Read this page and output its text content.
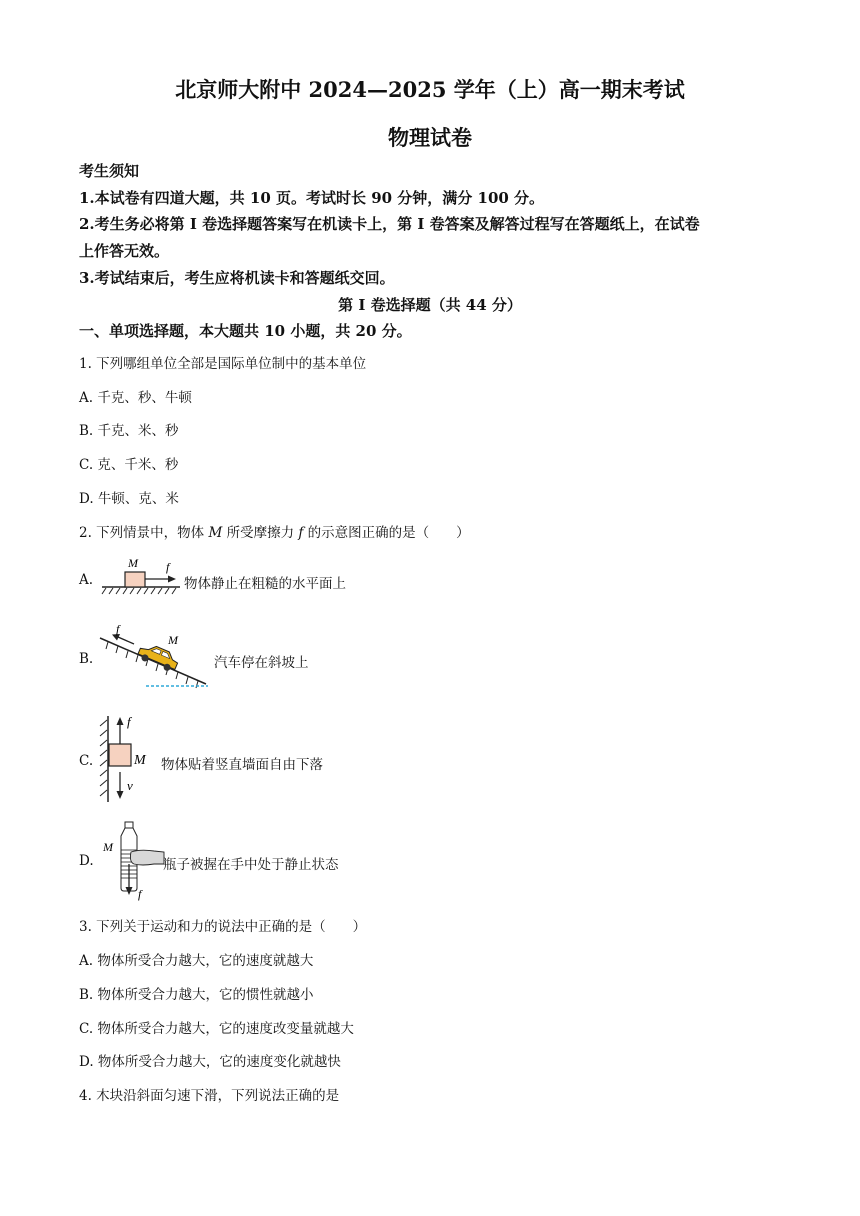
北京师大附中 2024—2025 学年（上）高一期末考试
物理试卷
考生须知
1.本试卷有四道大题，共 10 页。考试时长 90 分钟，满分 100 分。
2.考生务必将第 I 卷选择题答案写在机读卡上，第 I 卷答案及解答过程写在答题纸上，在试卷
上作答无效。
3.考试结束后，考生应将机读卡和答题纸交回。
第 I 卷选择题（共 44 分）
一、单项选择题，本大题共 10 小题，共 20 分。
1. 下列哪组单位全部是国际单位制中的基本单位
A. 千克、秒、牛顿
B. 千克、米、秒
C. 克、千米、秒
D. 牛顿、克、米
2. 下列情景中，物体 M 所受摩擦力 f 的示意图正确的是（　　）
A.
M f
物体静止在粗糙的水平面上
B.
f
M
汽车停在斜坡上
C.
f
M
v
物体贴着竖直墙面自由下落
D.
M
f
瓶子被握在手中处于静止状态
3. 下列关于运动和力的说法中正确的是（　　）
A. 物体所受合力越大，它的速度就越大
B. 物体所受合力越大，它的惯性就越小
C. 物体所受合力越大，它的速度改变量就越大
D. 物体所受合力越大，它的速度变化就越快
4. 木块沿斜面匀速下滑，下列说法正确的是
